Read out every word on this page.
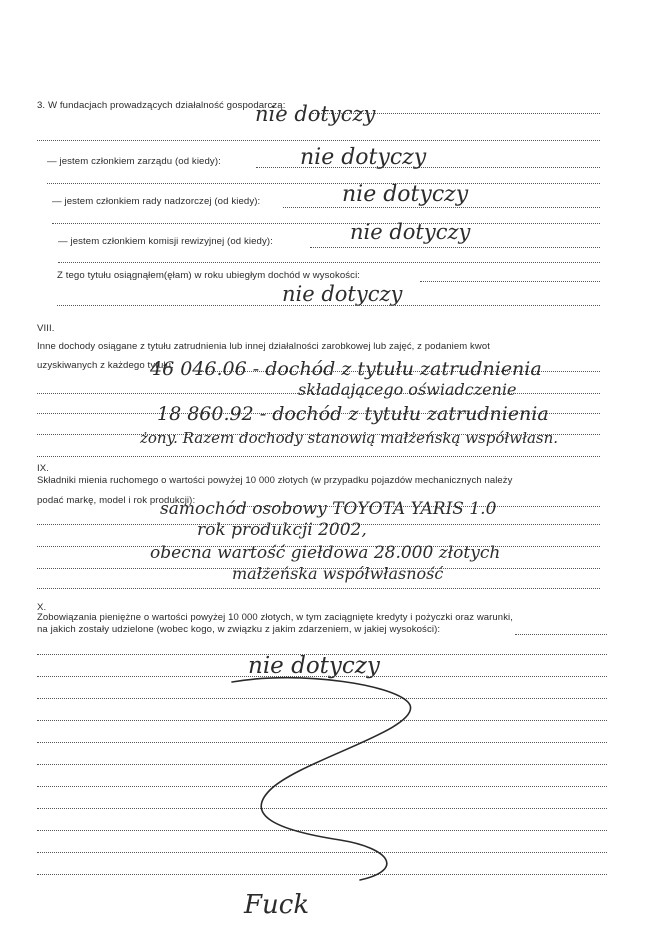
3. W fundacjach prowadzących działalność gospodarczą:
nie dotyczy
— jestem członkiem zarządu (od kiedy):	nie dotyczy
— jestem członkiem rady nadzorczej (od kiedy):	nie dotyczy
— jestem członkiem komisji rewizyjnej (od kiedy):	nie dotyczy
Z tego tytułu osiągnąłem(ęłam) w roku ubiegłym dochód w wysokości:
nie dotyczy
VIII.
Inne dochody osiągane z tytułu zatrudnienia lub innej działalności zarobkowej lub zajęć, z podaniem kwot
uzyskiwanych z każdego tytułu:
46 046.06 - dochód z tytułu zatrudnienia
składającego oświadczenie
18 860.92 - dochód z tytułu zatrudnienia
żony. Razem dochody stanowią małżeńską współwłasn.
IX.
Składniki mienia ruchomego o wartości powyżej 10 000 złotych (w przypadku pojazdów mechanicznych należy
podać markę, model i rok produkcji):
samochód osobowy TOYOTA YARIS 1.0
rok produkcji 2002,
obecna wartość giełdowa 28.000 złotych
małżeńska współwłasność
X.
Zobowiązania pieniężne o wartości powyżej 10 000 złotych, w tym zaciągnięte kredyty i pożyczki oraz warunki,
na jakich zostały udzielone (wobec kogo, w związku z jakim zdarzeniem, w jakiej wysokości):
nie dotyczy
Fuck
